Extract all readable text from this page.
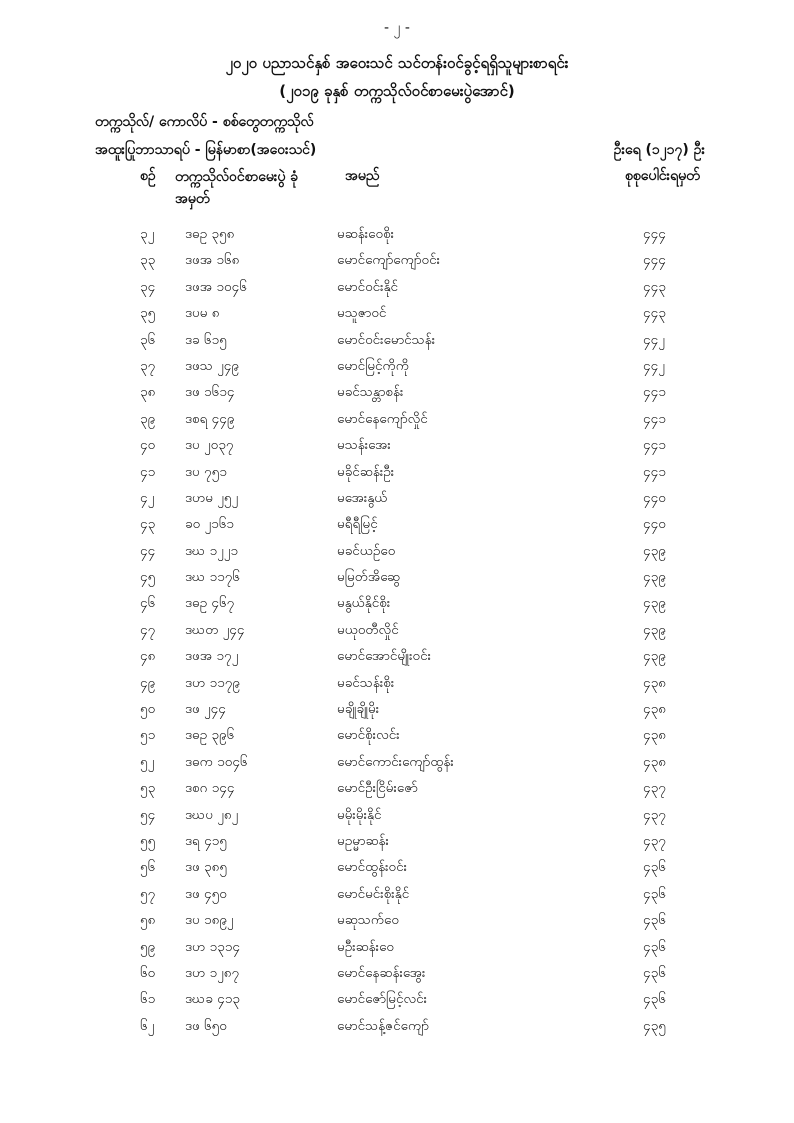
- ၂ -
၂၀၂၀ ပညာသင်နှစ် အဝေးသင် သင်တန်းဝင်ခွင့်ရရှိသူများစာရင်း
(၂၀၁၉ ခုနှစ် တက္ကသိုလ်ဝင်စာမေးပွဲအောင်)
တက္ကသိုလ်/ ကောလိပ် - စစ်တွေတက္ကသိုလ်
အထူးပြုဘာသာရပ် - မြန်မာစာ(အဝေးသင်)	ဦးရေ (၁၂၁၇) ဦး
စဉ် တက္ကသိုလ်ဝင်စာမေးပွဲ ခုံအမှတ်
အမည်	စုစုပေါင်းရမှတ်
၃၂ ဒဓဥ ၃၅၈	မဆန်းဝေစိုး	၄၄၄
၃၃ ဒဖအ ၁၆၈	မောင်ကျော်ကျော်ဝင်း	၄၄၄
၃၄ ဒဖအ ၁၀၄၆	မောင်ဝင်းနိုင်	၄၄၃
၃၅ ဒပမ ၈	မသူဇာဝင်	၄၄၃
၃၆ ဒခ ၆၁၅	မောင်ဝင်းမောင်သန်း	၄၄၂
၃၇ ဒဖသ ၂၄၉	မောင်မြင့်ကိုကို	၄၄၂
၃၈ ဒဖ ၁၆၁၄	မခင်သန္တာစန်း	၄၄၁
၃၉ ဒစရ ၄၄၉	မောင်နေကျော်လှိုင်	၄၄၁
၄၀ ဒပ ၂၀၃၇	မသန်းအေး	၄၄၁
၄၁ ဒပ ၇၅၁	မခိုင်ဆန်းဦး	၄၄၁
၄၂ ဒဟမ ၂၅၂	မအေးနွယ်	၄၄၀
၄၃ ခဝ ၂၁၆၁	မရီရီမြင့်	၄၄၀
၄၄ ဒဃ ၁၂၂၁	မခင်ယဉ်ဝေ	၄၃၉
၄၅ ဒဃ ၁၁၇၆	မမြတ်အိဆွေ	၄၃၉
၄၆ ဒဓဥ ၄၆၇	မနွယ်နိုင်စိုး	၄၃၉
၄၇ ဒဃတ ၂၄၄	မယုဝတီလှိုင်	၄၃၉
၄၈ ဒဖအ ၁၇၂	မောင်အောင်မျိုးဝင်း	၄၃၉
၄၉ ဒဟ ၁၁၇၉	မခင်သန်းစိုး	၄၃၈
၅၀ ဒဖ ၂၄၄	မချိုချိုမိုး	၄၃၈
၅၁ ဒဓဥ ၃၉၆	မောင်စိုးလင်း	၄၃၈
၅၂ ဒဓက ၁၀၄၆	မောင်ကောင်းကျော်ထွန်း	၄၃၈
၅၃ ဒစဂ ၁၄၄	မောင်ဦးငြိမ်းဇော်	၄၃၇
၅၄ ဒဃပ ၂၈၂	မမိုးမိုးနိုင်	၄၃၇
၅၅ ဒရ ၄၁၅	မဥမ္မာဆန်း	၄၃၇
၅၆ ဒဖ ၃၈၅	မောင်ထွန်းဝင်း	၄၃၆
၅၇ ဒဖ ၄၅၀	မောင်မင်းစိုးနိုင်	၄၃၆
၅၈ ဒပ ၁၈၉၂	မဆုသက်ဝေ	၄၃၆
၅၉ ဒဟ ၁၃၁၄	မဦးဆန်းဝေ	၄၃၆
၆၀ ဒဟ ၁၂၈၇	မောင်နေဆန်းအွေး	၄၃၆
၆၁ ဒဃခ ၄၁၃	မောင်ဇော်မြင့်လင်း	၄၃၆
၆၂ ဒဖ ၆၅၀	မောင်သန့်ဇင်ကျော်	၄၃၅
